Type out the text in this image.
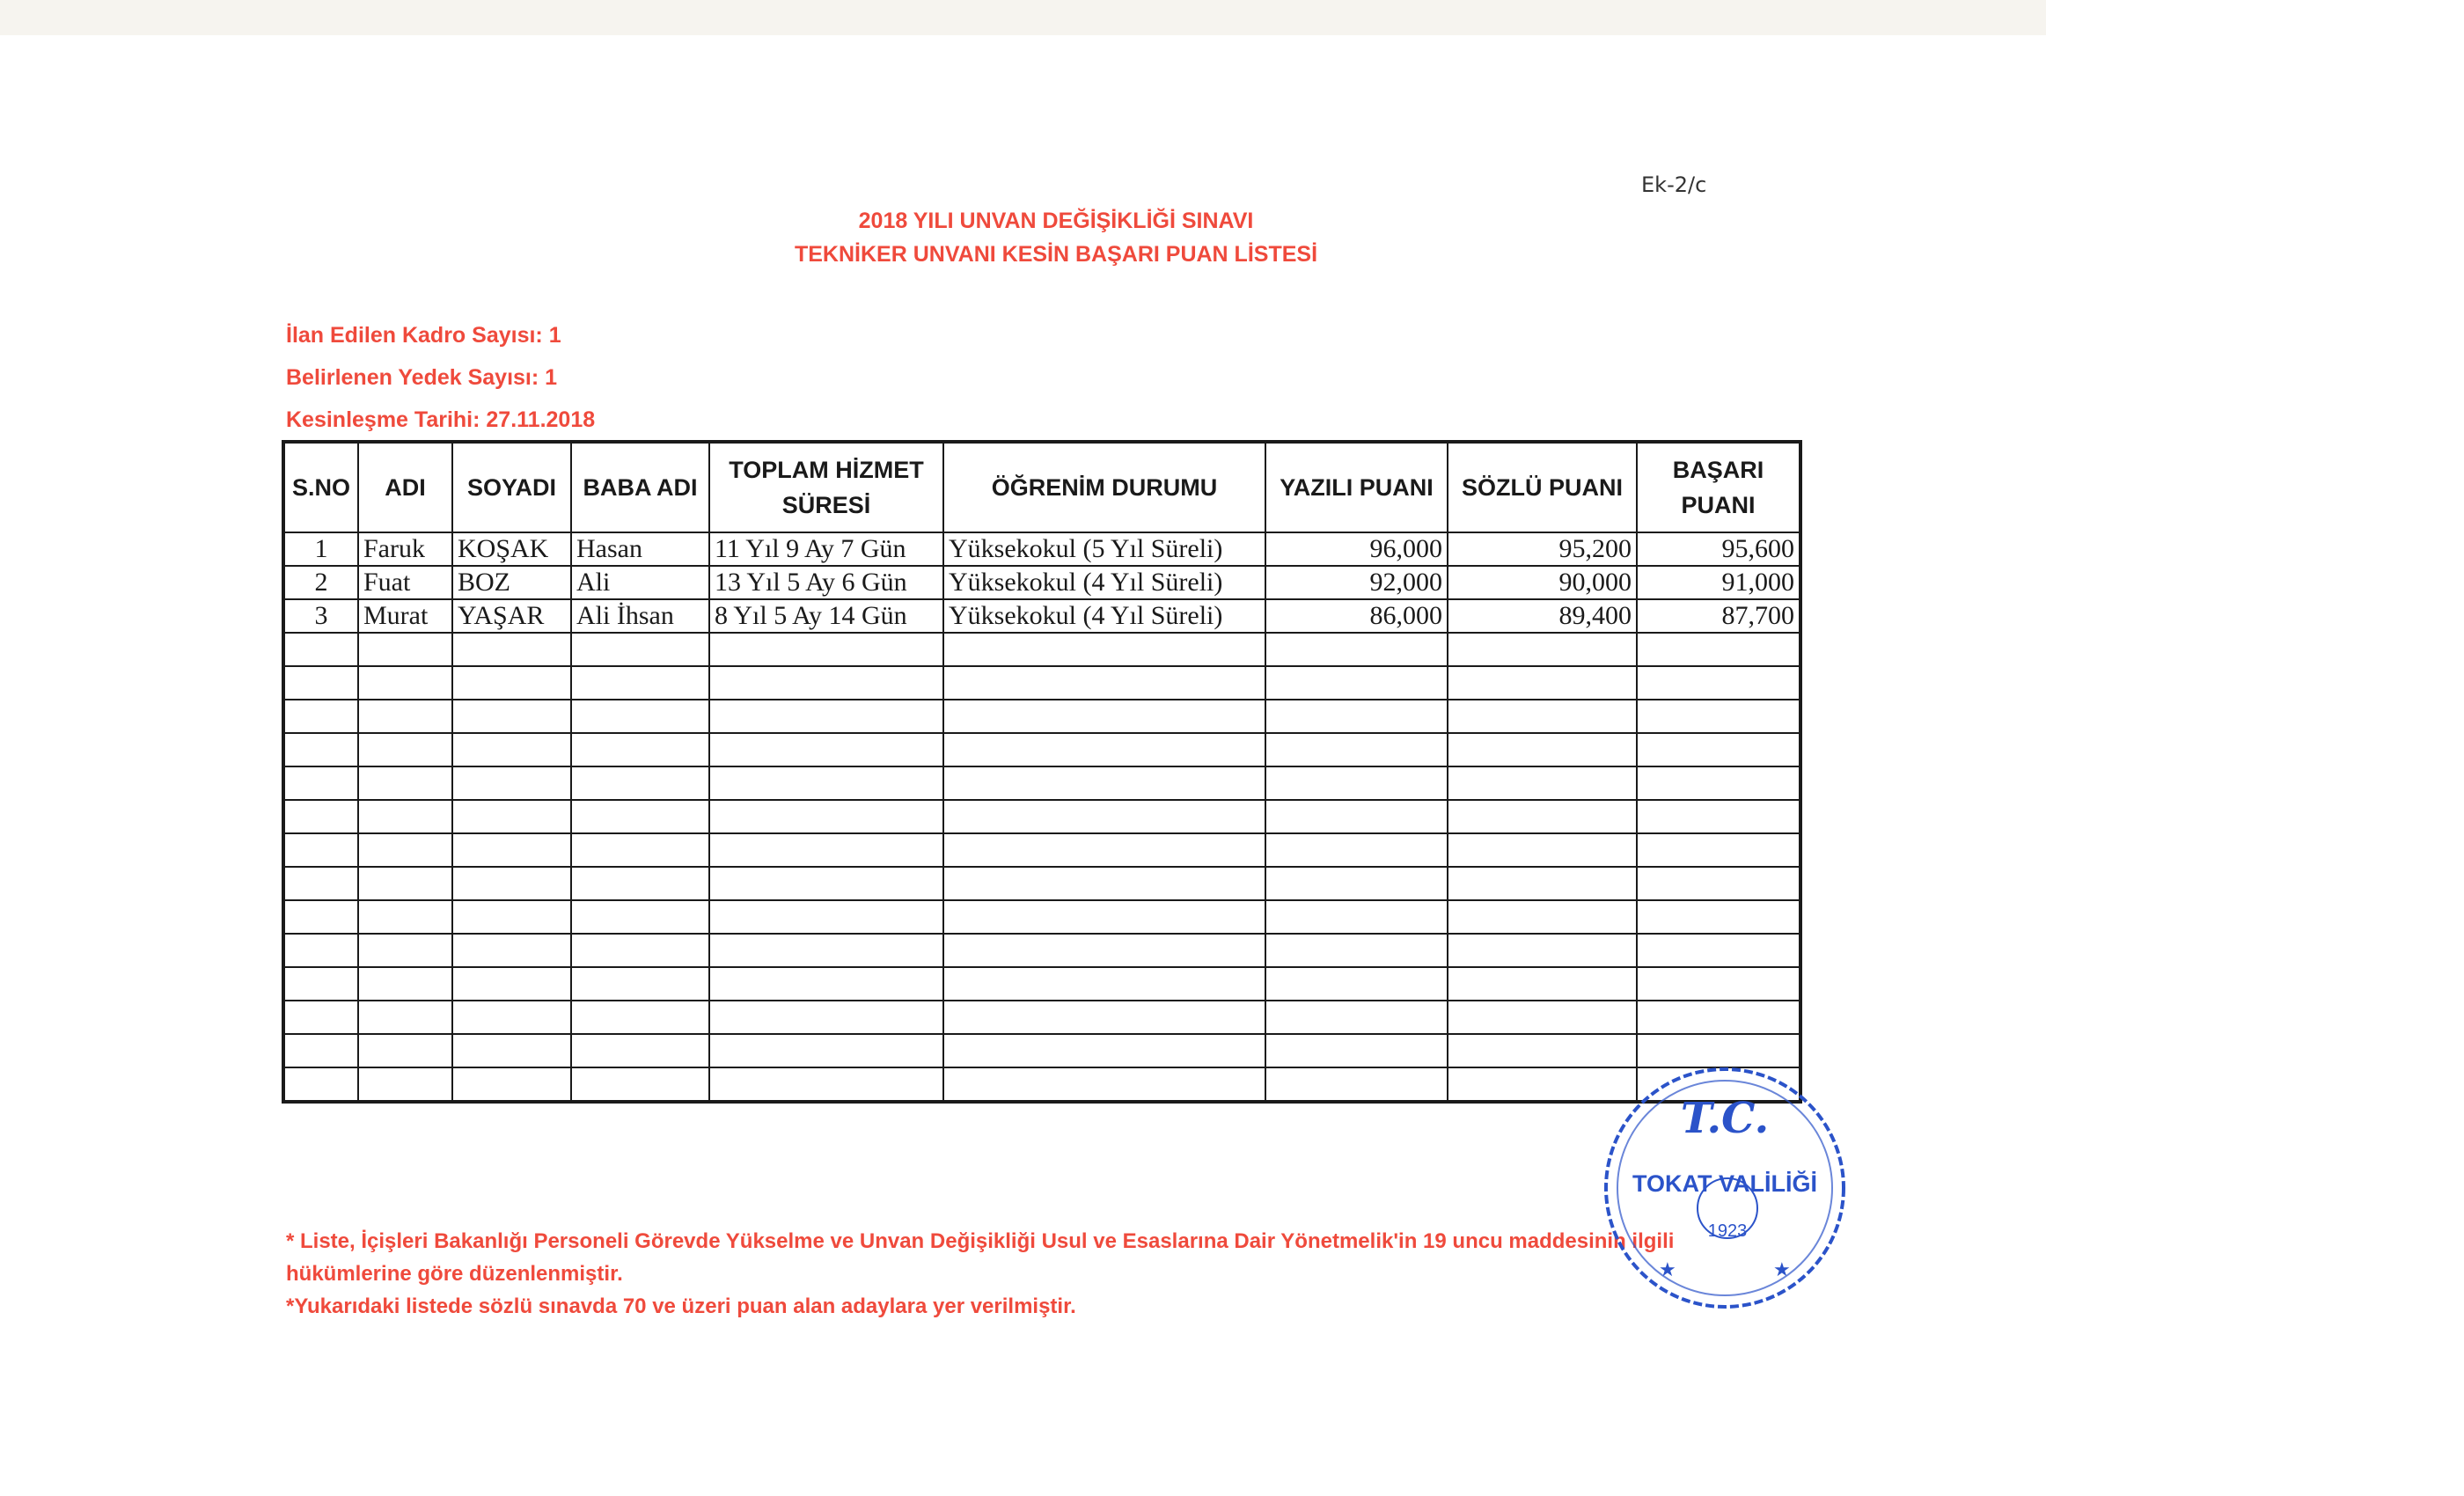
Ek-2/c
2018 YILI UNVAN DEĞİŞİKLİĞİ SINAVI
TEKNİKER UNVANI KESİN BAŞARI PUAN LİSTESİ
İlan Edilen Kadro Sayısı: 1
Belirlenen Yedek Sayısı: 1
Kesinleşme Tarihi: 27.11.2018
S.NO	ADI	SOYADI	BABA ADI	TOPLAM HİZMET SÜRESİ	ÖĞRENİM DURUMU	YAZILI PUANI	SÖZLÜ PUANI	BAŞARI PUANI
1	Faruk	KOŞAK	Hasan	11 Yıl 9 Ay 7 Gün	Yüksekokul (5 Yıl Süreli)	96,000	95,200	95,600
2	Fuat	BOZ	Ali	13 Yıl 5 Ay 6 Gün	Yüksekokul (4 Yıl Süreli)	92,000	90,000	91,000
3	Murat	YAŞAR	Ali İhsan	8 Yıl 5 Ay 14 Gün	Yüksekokul (4 Yıl Süreli)	86,000	89,400	87,700

* Liste, İçişleri Bakanlığı Personeli Görevde Yükselme ve Unvan Değişikliği Usul ve Esaslarına Dair Yönetmelik'in 19 uncu maddesinin ilgili
hükümlerine göre düzenlenmiştir.
*Yukarıdaki listede sözlü sınavda 70 ve üzeri puan alan adaylara yer verilmiştir.
T.C.
TOKAT VALİLİĞİ
1923
★	★
